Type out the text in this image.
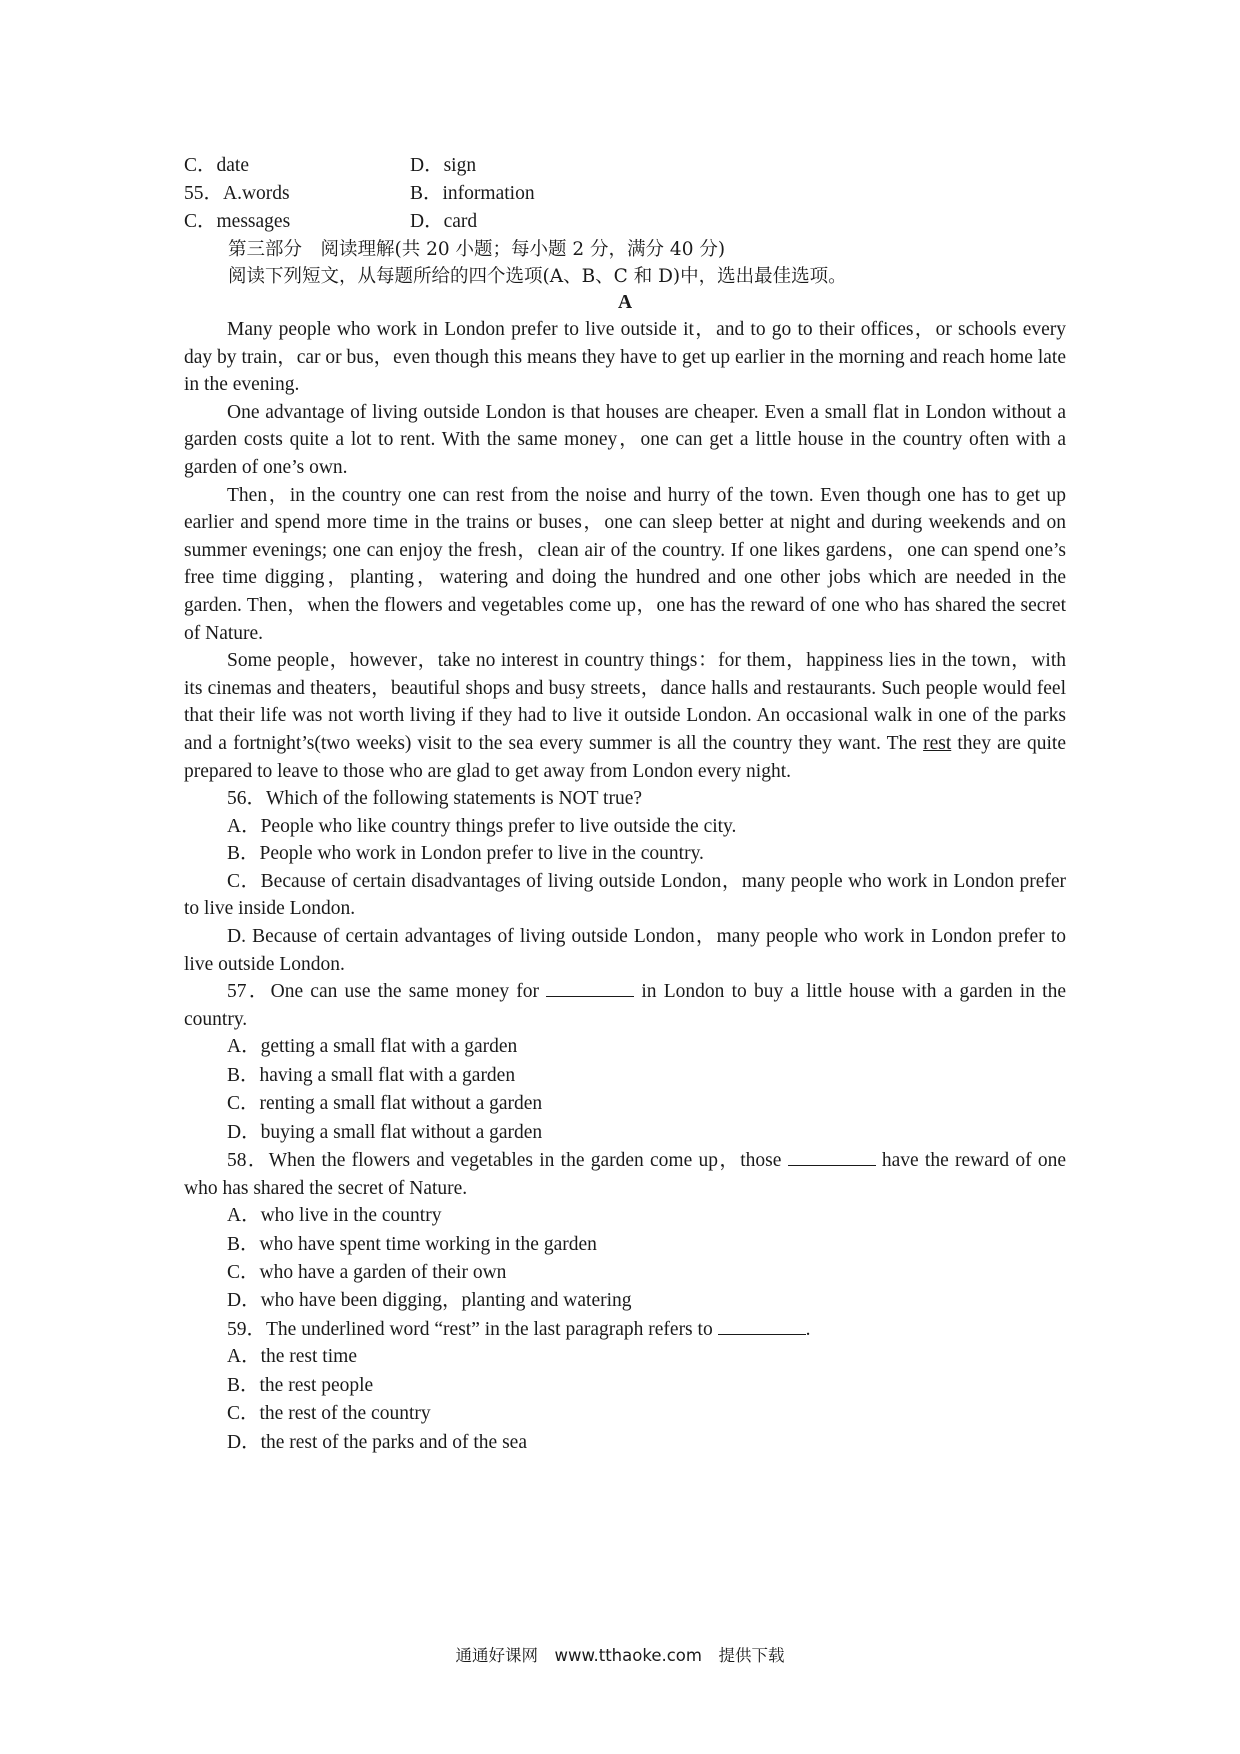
C．date	D．sign
55．A.words	B．information
C．messages	D．card
第三部分　阅读理解(共 20 小题；每小题 2 分，满分 40 分)
阅读下列短文，从每题所给的四个选项(A、B、C 和 D)中，选出最佳选项。
A

Many people who work in London prefer to live outside it，and to go to their offices，or schools every day by train，car or bus，even though this means they have to get up earlier in the morning and reach home late in the evening.

One advantage of living outside London is that houses are cheaper. Even a small flat in London without a garden costs quite a lot to rent. With the same money，one can get a little house in the country often with a garden of one’s own.

Then，in the country one can rest from the noise and hurry of the town. Even though one has to get up earlier and spend more time in the trains or buses，one can sleep better at night and during weekends and on summer evenings; one can enjoy the fresh，clean air of the country. If one likes gardens，one can spend one’s free time digging，planting，watering and doing the hundred and one other jobs which are needed in the garden. Then，when the flowers and vegetables come up，one has the reward of one who has shared the secret of Nature.

Some people，however，take no interest in country things：for them，happiness lies in the town，with its cinemas and theaters，beautiful shops and busy streets，dance halls and restaurants. Such people would feel that their life was not worth living if they had to live it outside London. An occasional walk in one of the parks and a fortnight’s(two weeks) visit to the sea every summer is all the country they want. The rest they are quite prepared to leave to those who are glad to get away from London every night.

56．Which of the following statements is NOT true?

A．People who like country things prefer to live outside the city.

B．People who work in London prefer to live in the country.

C．Because of certain disadvantages of living outside London，many people who work in London prefer to live inside London.

D. Because of certain advantages of living outside London，many people who work in London prefer to live outside London.

57．One can use the same money for	in London to buy a little house with a garden in the country.

A．getting a small flat with a garden
B．having a small flat with a garden
C．renting a small flat without a garden
D．buying a small flat without a garden

58．When the flowers and vegetables in the garden come up，those	have the reward of one who has shared the secret of Nature.

A．who live in the country
B．who have spent time working in the garden
C．who have a garden of their own
D．who have been digging，planting and watering

59．The underlined word “rest” in the last paragraph refers to	.

A．the rest time
B．the rest people
C．the rest of the country
D．the rest of the parks and of the sea
通通好课网　www.tthaoke.com　提供下载
